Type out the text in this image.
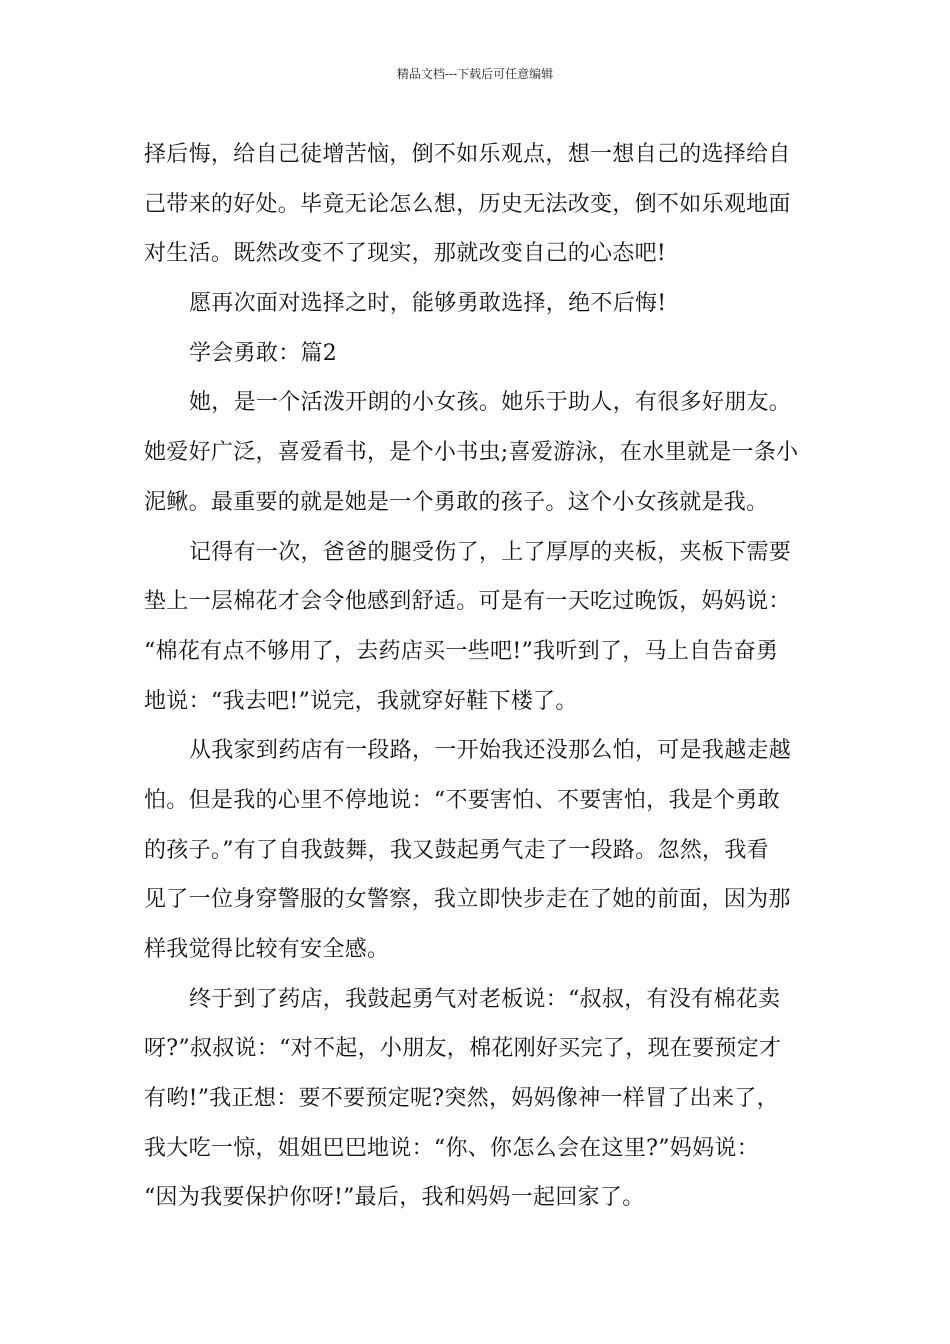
精品文档---下载后可任意编辑
择后悔，给自己徒增苦恼，倒不如乐观点，想一想自己的选择给自
己带来的好处。毕竟无论怎么想，历史无法改变，倒不如乐观地面
对生活。既然改变不了现实，那就改变自己的心态吧!
愿再次面对选择之时，能够勇敢选择，绝不后悔!
学会勇敢：篇2
她，是一个活泼开朗的小女孩。她乐于助人，有很多好朋友。
她爱好广泛，喜爱看书，是个小书虫;喜爱游泳，在水里就是一条小
泥鳅。最重要的就是她是一个勇敢的孩子。这个小女孩就是我。
记得有一次，爸爸的腿受伤了，上了厚厚的夹板，夹板下需要
垫上一层棉花才会令他感到舒适。可是有一天吃过晚饭，妈妈说：
“棉花有点不够用了，去药店买一些吧!”我听到了，马上自告奋勇
地说：“我去吧!”说完，我就穿好鞋下楼了。
从我家到药店有一段路，一开始我还没那么怕，可是我越走越
怕。但是我的心里不停地说：“不要害怕、不要害怕，我是个勇敢
的孩子。”有了自我鼓舞，我又鼓起勇气走了一段路。忽然，我看
见了一位身穿警服的女警察，我立即快步走在了她的前面，因为那
样我觉得比较有安全感。
终于到了药店，我鼓起勇气对老板说：“叔叔，有没有棉花卖
呀?”叔叔说：“对不起，小朋友，棉花刚好买完了，现在要预定才
有哟!”我正想：要不要预定呢?突然，妈妈像神一样冒了出来了，
我大吃一惊，姐姐巴巴地说：“你、你怎么会在这里?”妈妈说：
“因为我要保护你呀!”最后，我和妈妈一起回家了。
